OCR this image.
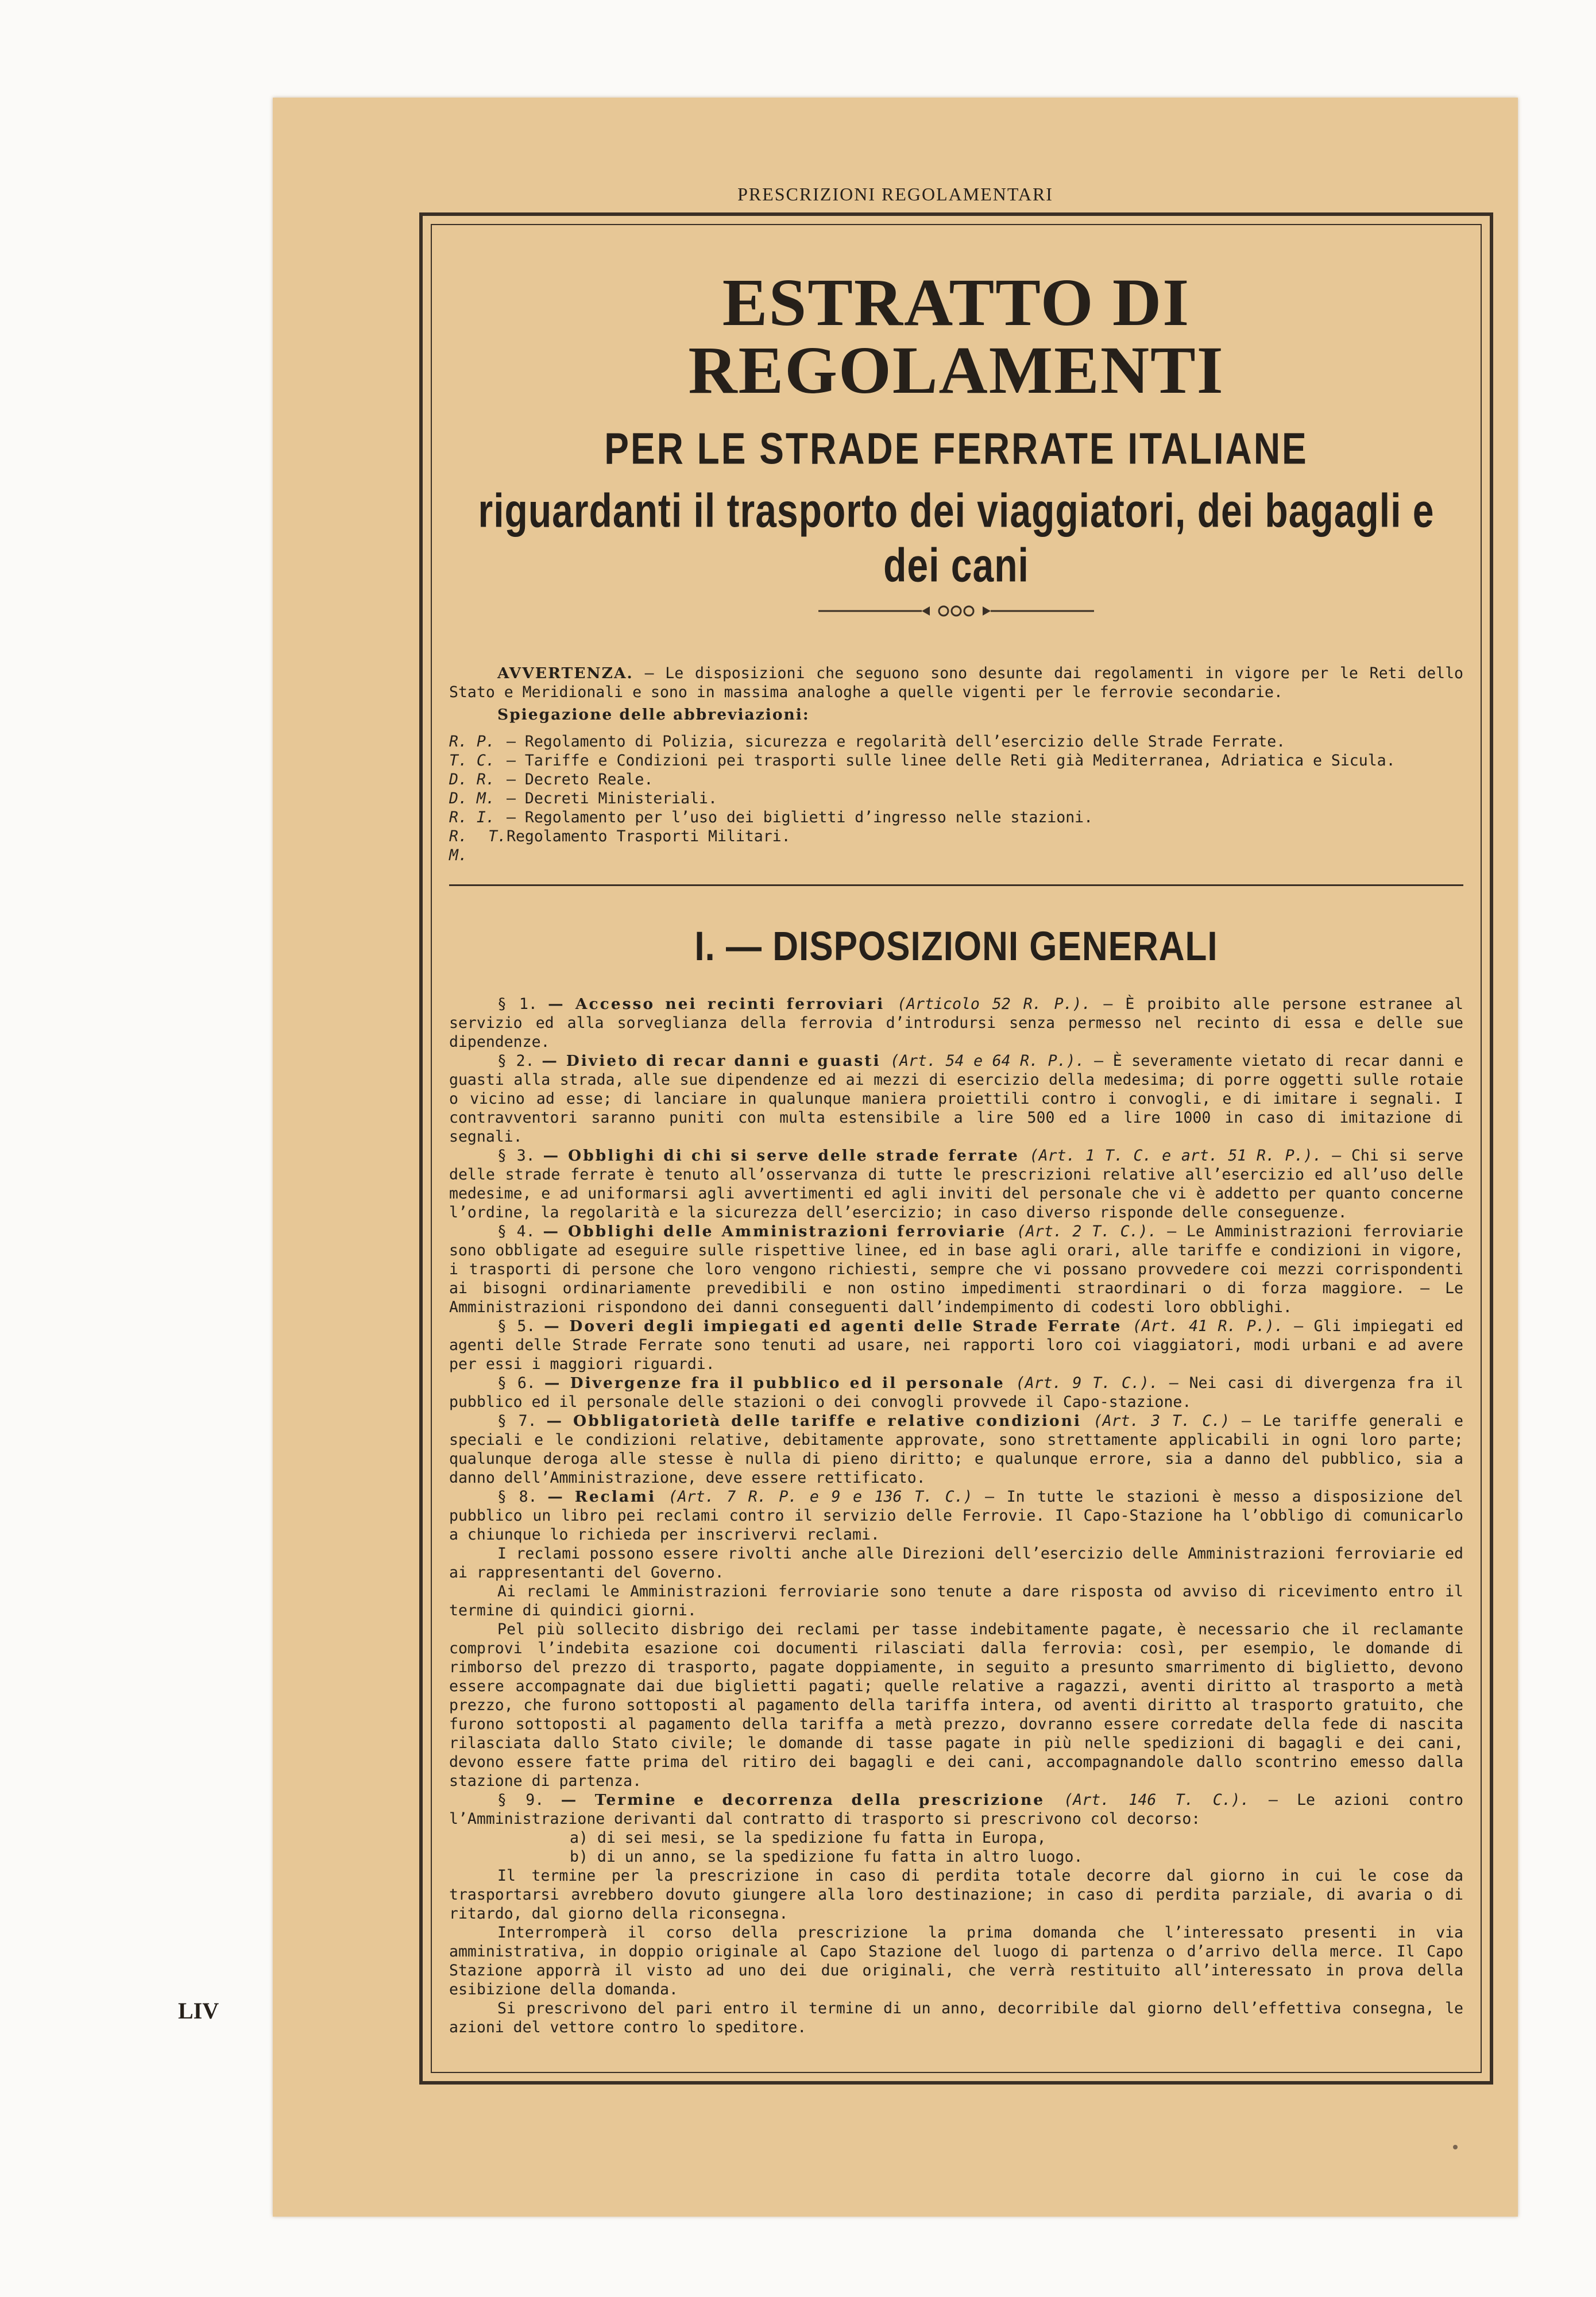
PRESCRIZIONI REGOLAMENTARI
ESTRATTO DI REGOLAMENTI
PER LE STRADE FERRATE ITALIANE
riguardanti il trasporto dei viaggiatori, dei bagagli e dei cani

AVVERTENZA. — Le disposizioni che seguono sono desunte dai regolamenti in vigore per le Reti dello Stato e Meridionali e sono in massima analoghe a quelle vigenti per le ferrovie secondarie.

Spiegazione delle abbreviazioni:

R. P. — Regolamento di Polizia, sicurezza e regolarità dell’esercizio delle Strade Ferrate.
T. C. — Tariffe e Condizioni pei trasporti sulle linee delle Reti già Mediterranea, Adriatica e Sicula.
D. R. — Decreto Reale.
D. M. — Decreti Ministeriali.
R. I. — Regolamento per l’uso dei biglietti d’ingresso nelle stazioni.
R. T. M.
Regolamento Trasporti Militari.
I. — DISPOSIZIONI GENERALI

§ 1. — Accesso nei recinti ferroviari (Articolo 52 R. P.). — È proibito alle persone estranee al servizio ed alla sorveglianza della ferrovia d’introdursi senza permesso nel recinto di essa e delle sue dipendenze.

§ 2. — Divieto di recar danni e guasti (Art. 54 e 64 R. P.). — È severamente vietato di recar danni e guasti alla strada, alle sue dipendenze ed ai mezzi di esercizio della medesima; di porre oggetti sulle rotaie o vicino ad esse; di lanciare in qualunque maniera proiettili contro i convogli, e di imitare i segnali. I contravventori saranno puniti con multa estensibile a lire 500 ed a lire 1000 in caso di imitazione di segnali.

§ 3. — Obblighi di chi si serve delle strade ferrate (Art. 1 T. C. e art. 51 R. P.). — Chi si serve delle strade ferrate è tenuto all’osservanza di tutte le prescrizioni relative all’esercizio ed all’uso delle medesime, e ad uniformarsi agli avvertimenti ed agli inviti del personale che vi è addetto per quanto concerne l’ordine, la regolarità e la sicurezza dell’esercizio; in caso diverso risponde delle conseguenze.

§ 4. — Obblighi delle Amministrazioni ferroviarie (Art. 2 T. C.). — Le Amministrazioni ferroviarie sono obbligate ad eseguire sulle rispettive linee, ed in base agli orari, alle tariffe e condizioni in vigore, i trasporti di persone che loro vengono richiesti, sempre che vi possano provvedere coi mezzi corrispondenti ai bisogni ordinariamente prevedibili e non ostino impedimenti straordinari o di forza maggiore. — Le Amministrazioni rispondono dei danni conseguenti dall’indempimento di codesti loro obblighi.

§ 5. — Doveri degli impiegati ed agenti delle Strade Ferrate (Art. 41 R. P.). — Gli impiegati ed agenti delle Strade Ferrate sono tenuti ad usare, nei rapporti loro coi viaggiatori, modi urbani e ad avere per essi i maggiori riguardi.

§ 6. — Divergenze fra il pubblico ed il personale (Art. 9 T. C.). — Nei casi di divergenza fra il pubblico ed il personale delle stazioni o dei convogli provvede il Capo-stazione.

§ 7. — Obbligatorietà delle tariffe e relative condizioni (Art. 3 T. C.) — Le tariffe generali e speciali e le condizioni relative, debitamente approvate, sono strettamente applicabili in ogni loro parte; qualunque deroga alle stesse è nulla di pieno diritto; e qualunque errore, sia a danno del pubblico, sia a danno dell’Amministrazione, deve essere rettificato.

§ 8. — Reclami (Art. 7 R. P. e 9 e 136 T. C.) — In tutte le stazioni è messo a disposizione del pubblico un libro pei reclami contro il servizio delle Ferrovie. Il Capo-Stazione ha l’obbligo di comunicarlo a chiunque lo richieda per inscrivervi reclami.

I reclami possono essere rivolti anche alle Direzioni dell’esercizio delle Amministrazioni ferroviarie ed ai rappresentanti del Governo.

Ai reclami le Amministrazioni ferroviarie sono tenute a dare risposta od avviso di ricevimento entro il termine di quindici giorni.

Pel più sollecito disbrigo dei reclami per tasse indebitamente pagate, è necessario che il reclamante comprovi l’indebita esazione coi documenti rilasciati dalla ferrovia: così, per esempio, le domande di rimborso del prezzo di trasporto, pagate doppiamente, in seguito a presunto smarrimento di biglietto, devono essere accompagnate dai due biglietti pagati; quelle relative a ragazzi, aventi diritto al trasporto a metà prezzo, che furono sottoposti al pagamento della tariffa intera, od aventi diritto al trasporto gratuito, che furono sottoposti al pagamento della tariffa a metà prezzo, dovranno essere corredate della fede di nascita rilasciata dallo Stato civile; le domande di tasse pagate in più nelle spedizioni di bagagli e dei cani, devono essere fatte prima del ritiro dei bagagli e dei cani, accompagnandole dallo scontrino emesso dalla stazione di partenza.

§ 9. — Termine e decorrenza della prescrizione (Art. 146 T. C.). — Le azioni contro l’Amministrazione derivanti dal contratto di trasporto si prescrivono col decorso:

a) di sei mesi, se la spedizione fu fatta in Europa,

b) di un anno, se la spedizione fu fatta in altro luogo.

Il termine per la prescrizione in caso di perdita totale decorre dal giorno in cui le cose da trasportarsi avrebbero dovuto giungere alla loro destinazione; in caso di perdita parziale, di avaria o di ritardo, dal giorno della riconsegna.

Interromperà il corso della prescrizione la prima domanda che l’interessato presenti in via amministrativa, in doppio originale al Capo Stazione del luogo di partenza o d’arrivo della merce. Il Capo Stazione apporrà il visto ad uno dei due originali, che verrà restituito all’interessato in prova della esibizione della domanda.

Si prescrivono del pari entro il termine di un anno, decorribile dal giorno dell’effettiva consegna, le azioni del vettore contro lo speditore.

LIV
